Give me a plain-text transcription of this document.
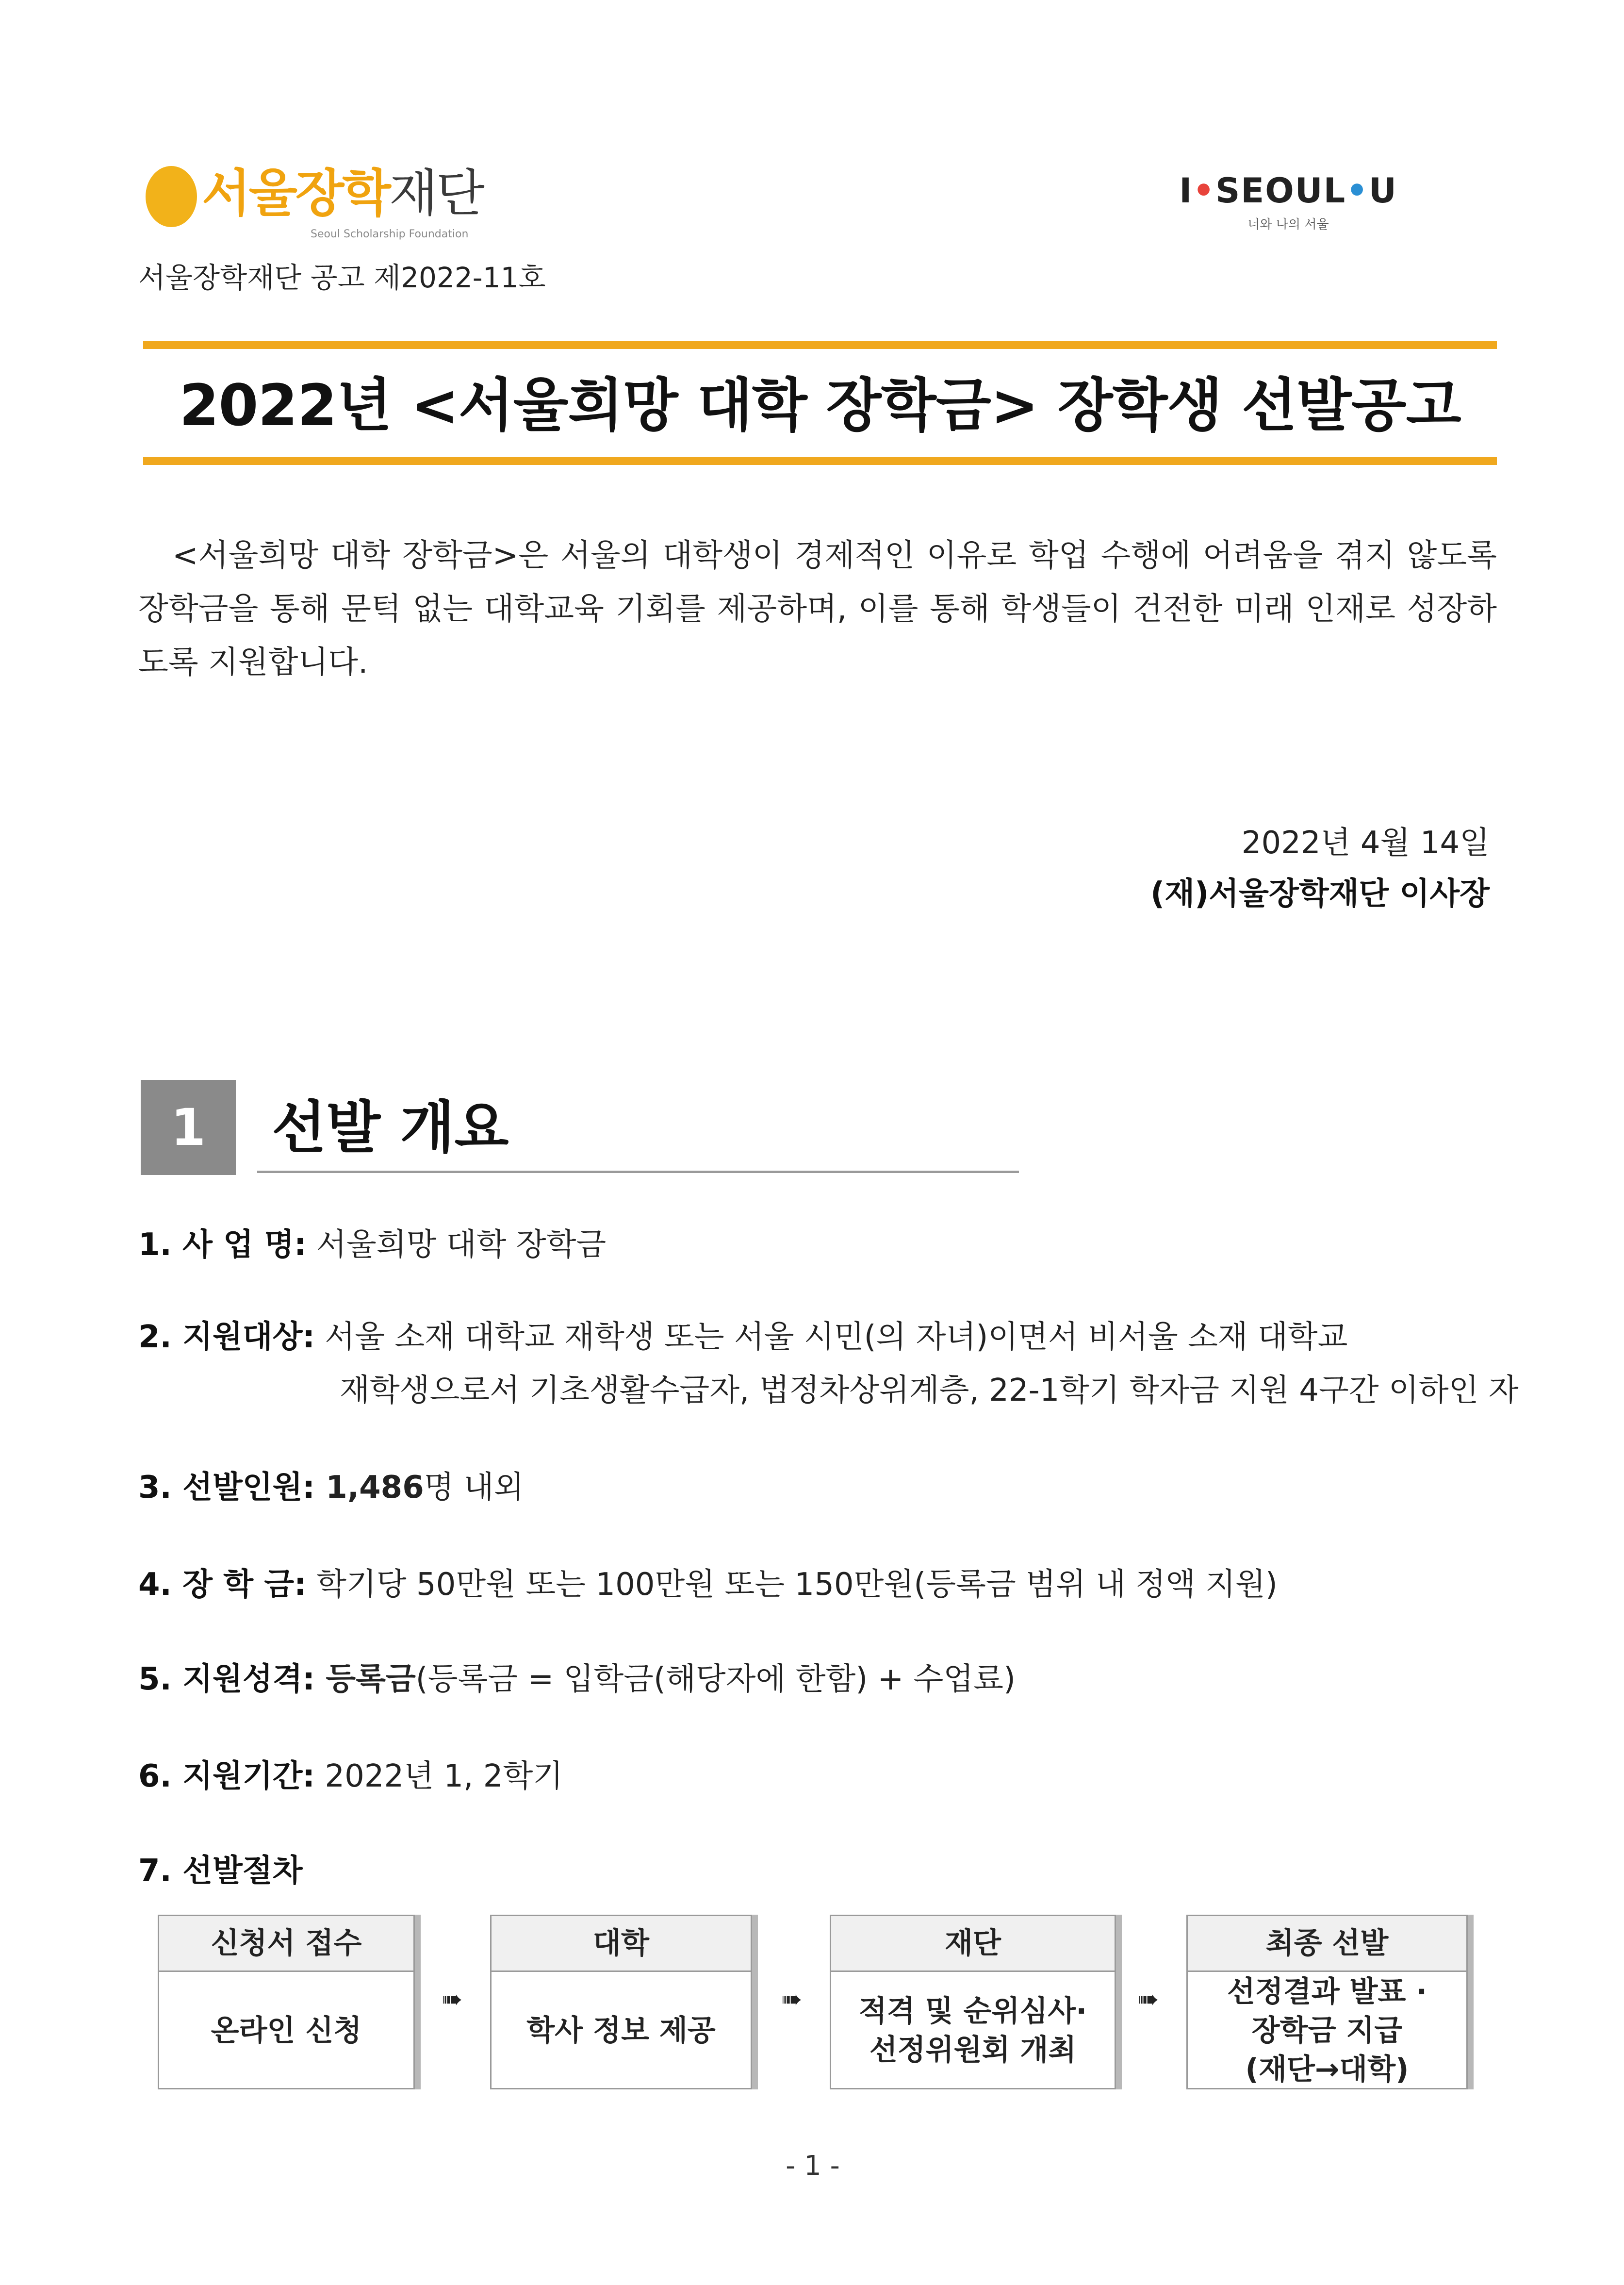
서울장학재단
Seoul Scholarship Foundation
I•SEOUL•U
너와 나의 서울
서울장학재단 공고 제2022-11호
2022년 <서울희망 대학 장학금> 장학생 선발공고
<서울희망 대학 장학금>은 서울의 대학생이 경제적인 이유로 학업 수행에 어려움을 겪지 않도록 장학금을 통해 문턱 없는 대학교육 기회를 제공하며, 이를 통해 학생들이 건전한 미래 인재로 성장하도록 지원합니다.
2022년 4월 14일
(재)서울장학재단 이사장
1	선발 개요
1. 사 업 명: 서울희망 대학 장학금
2. 지원대상: 서울 소재 대학교 재학생 또는 서울 시민(의 자녀)이면서 비서울 소재 대학교
재학생으로서 기초생활수급자, 법정차상위계층, 22-1학기 학자금 지원 4구간 이하인 자
3. 선발인원: 1,486명 내외
4. 장 학 금: 학기당 50만원 또는 100만원 또는 150만원(등록금 범위 내 정액 지원)
5. 지원성격: 등록금(등록금 = 입학금(해당자에 한함) + 수업료)
6. 지원기간: 2022년 1, 2학기
7. 선발절차
신청서 접수
온라인 신청
➠
대학
학사 정보 제공
➠
재단
적격 및 순위심사·
선정위원회 개최
➠
최종 선발
선정결과 발표 ·
장학금 지급
(재단→대학)
- 1 -
